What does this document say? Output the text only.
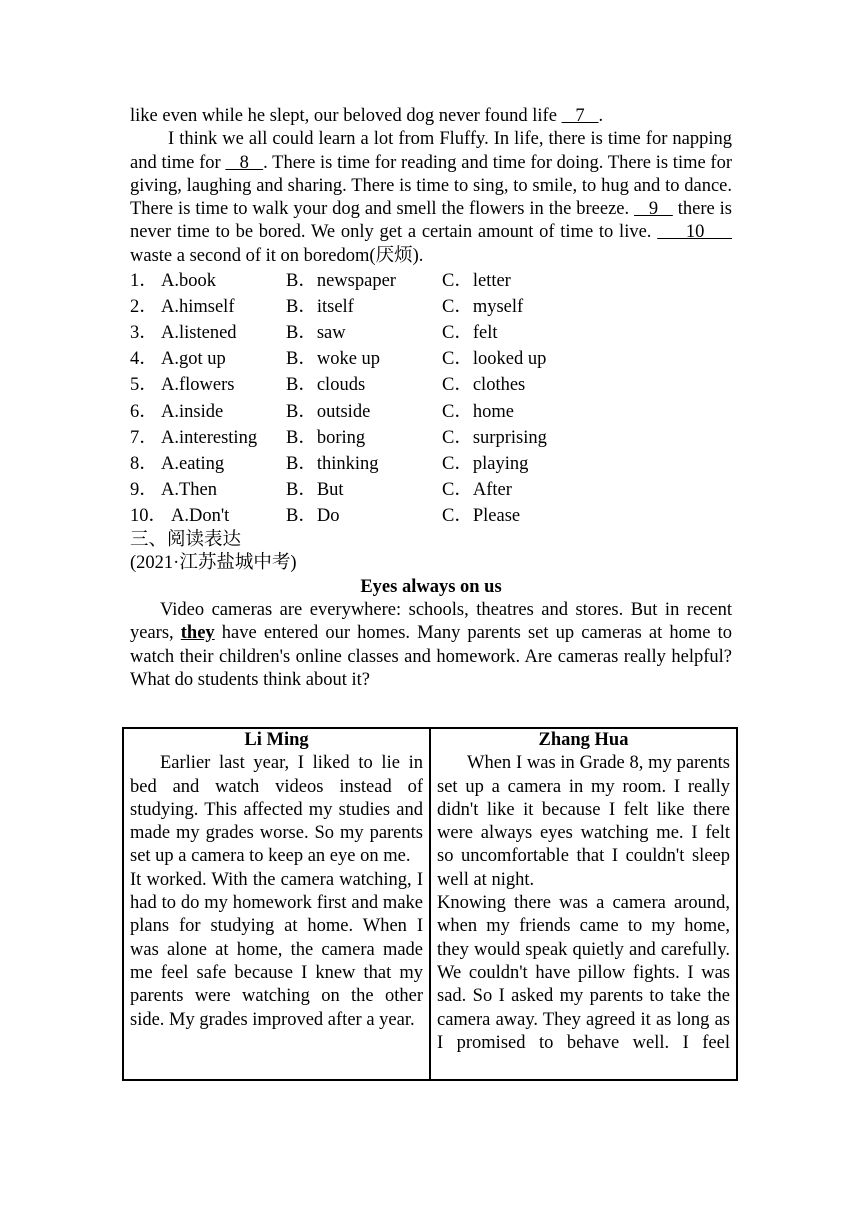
like even while he slept, our beloved dog never found life    7   .

I think we all could learn a lot from Fluffy. In life, there is time for napping and time for    8   . There is time for reading and time for doing. There is time for giving, laughing and sharing. There is time to sing, to smile, to hug and to dance. There is time to walk your dog and smell the flowers in the breeze.    9    there is never time to be bored. We only get a certain amount of time to live.      10      waste a second of it on boredom(厌烦).

1． A.book	B．newspaper	C．letter
2． A.himself	B．itself	C．myself
3． A.listened	B．saw	C．felt
4． A.got up	B．woke up	C．looked up
5． A.flowers	B．clouds	C．clothes
6． A.inside	B．outside	C．home
7． A.interesting	B．boring	C．surprising
8． A.eating	B．thinking	C．playing
9． A.Then	B．But	C．After
10． A.Don't	B．Do	C．Please

三、阅读表达

(2021·江苏盐城中考)

Eyes always on us

Video cameras are everywhere: schools, theatres and stores. But in recent years, they have entered our homes. Many parents set up cameras at home to watch their children's online classes and homework. Are cameras really helpful? What do students think about it?

Li Ming

Earlier last year, I liked to lie in bed and watch videos instead of studying. This affected my studies and made my grades worse. So my parents set up a camera to keep an eye on me.

It worked. With the camera watching, I had to do my homework first and make plans for studying at home. When I was alone at home, the camera made me feel safe because I knew that my parents were watching on the other side. My grades improved after a year.

Zhang Hua

When I was in Grade 8, my parents set up a camera in my room. I really didn't like it because I felt like there were always eyes watching me. I felt so uncomfortable that I couldn't sleep well at night.

Knowing there was a camera around, when my friends came to my home, they would speak quietly and carefully. We couldn't have pillow fights. I was sad. So I asked my parents to take the camera away. They agreed it as long as I promised to behave well. I feel
